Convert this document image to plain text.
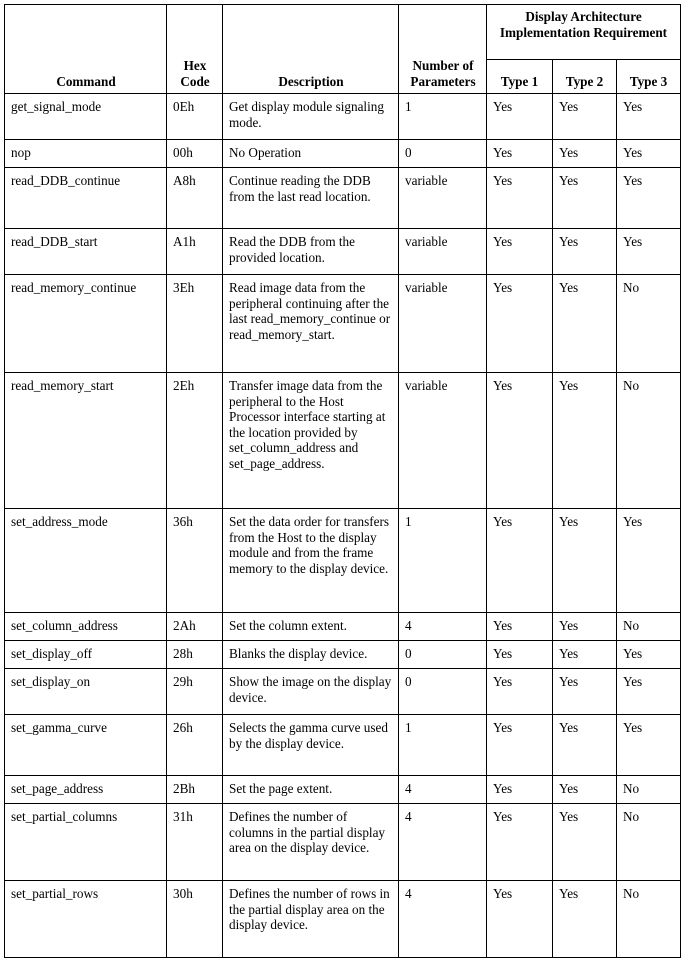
Command	Hex Code	Description	Number of Parameters	Display Architecture Implementation Requirement		
				Type 1	Type 2	Type 3
get_signal_mode	0Eh	Get display module signaling mode.	1	Yes	Yes	Yes
nop	00h	No Operation	0	Yes	Yes	Yes
read_DDB_continue	A8h	Continue reading the DDB from the last read location.	variable	Yes	Yes	Yes
read_DDB_start	A1h	Read the DDB from the provided location.	variable	Yes	Yes	Yes
read_memory_continue	3Eh	Read image data from the peripheral continuing after the last read_memory_continue or read_memory_start.	variable	Yes	Yes	No
read_memory_start	2Eh	Transfer image data from the peripheral to the Host Processor interface starting at the location provided by set_column_address and set_page_address.	variable	Yes	Yes	No
set_address_mode	36h	Set the data order for transfers from the Host to the display module and from the frame memory to the display device.	1	Yes	Yes	Yes
set_column_address	2Ah	Set the column extent.	4	Yes	Yes	No
set_display_off	28h	Blanks the display device.	0	Yes	Yes	Yes
set_display_on	29h	Show the image on the display device.	0	Yes	Yes	Yes
set_gamma_curve	26h	Selects the gamma curve used by the display device.	1	Yes	Yes	Yes
set_page_address	2Bh	Set the page extent.	4	Yes	Yes	No
set_partial_columns	31h	Defines the number of columns in the partial display area on the display device.	4	Yes	Yes	No
set_partial_rows	30h	Defines the number of rows in the partial display area on the display device.	4	Yes	Yes	No
